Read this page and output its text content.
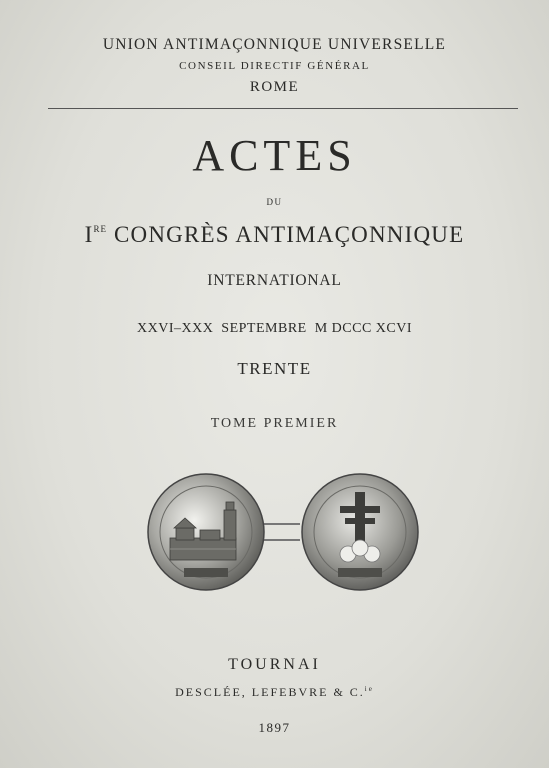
UNION ANTIMAÇONNIQUE UNIVERSELLE
CONSEIL DIRECTIF GÉNÉRAL
ROME
ACTES
DU
IRE CONGRÈS ANTIMAÇONNIQUE
INTERNATIONAL
XXVI–XXX  SEPTEMBRE  M DCCC XCVI
TRENTE
TOME PREMIER
TOURNAI
DESCLÉE, LEFEBVRE & C.$^{ie}$
1897
